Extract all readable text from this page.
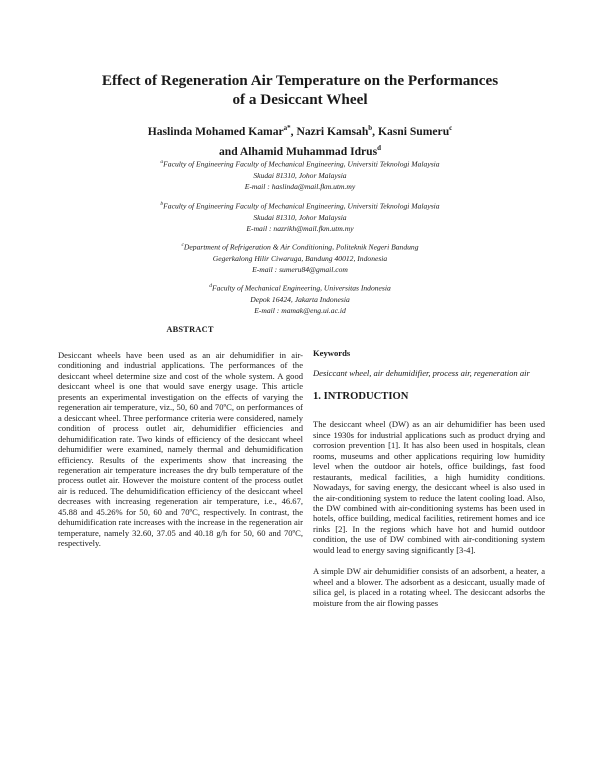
Effect of Regeneration Air Temperature on the Performances
of a Desiccant Wheel
Haslinda Mohamed Kamar$^{a*}$, Nazri Kamsah$^b$, Kasni Sumeru$^c$
and Alhamid Muhammad Idrus$^d$
$^a$Faculty of Engineering Faculty of Mechanical Engineering, Universiti Teknologi Malaysia
Skudai 81310, Johor Malaysia
E-mail : haslinda@mail.fkm.utm.my
$^b$Faculty of Engineering Faculty of Mechanical Engineering, Universiti Teknologi Malaysia
Skudai 81310, Johor Malaysia
E-mail : nazrikh@mail.fkm.utm.my
$^c$Department of Refrigeration & Air Conditioning, Politeknik Negeri Bandung
Gegerkalong Hilir Ciwaruga, Bandung 40012, Indonesia
E-mail : sumeru84@gmail.com
$^d$Faculty of Mechanical Engineering, Universitas Indonesia
Depok 16424, Jakarta Indonesia
E-mail : mamak@eng.ui.ac.id
ABSTRACT

Desiccant wheels have been used as an air dehumidifier in air-conditioning and industrial applications. The performances of the desiccant wheel determine size and cost of the whole system. A good desiccant wheel is one that would save energy usage. This article presents an experimental investigation on the effects of varying the regeneration air temperature, viz., 50, 60 and 70ºC, on performances of a desiccant wheel. Three performance criteria were considered, namely condition of process outlet air, dehumidifier efficiencies and dehumidification rate. Two kinds of efficiency of the desiccant wheel dehumidifier were examined, namely thermal and dehumidification efficiency. Results of the experiments show that increasing the regeneration air temperature increases the dry bulb temperature of the process outlet air. However the moisture content of the process outlet air is reduced. The dehumidification efficiency of the desiccant wheel decreases with increasing regeneration air temperature, i.e., 46.67, 45.88 and 45.26% for 50, 60 and 70ºC, respectively. In contrast, the dehumidification rate increases with the increase in the regeneration air temperature, namely 32.60, 37.05 and 40.18 g/h for 50, 60 and 70ºC, respectively.

Keywords

Desiccant wheel, air dehumidifier, process air, regeneration air

1. INTRODUCTION

The desiccant wheel (DW) as an air dehumidifier has been used since 1930s for industrial applications such as product drying and corrosion prevention [1]. It has also been used in hospitals, clean rooms, museums and other applications requiring low humidity level when the outdoor air hotels, office buildings, fast food restaurants, medical facilities, a high humidity conditions. Nowadays, for saving energy, the desiccant wheel is also used in the air-conditioning system to reduce the latent cooling load. Also, the DW combined with air-conditioning systems has been used in hotels, office building, medical facilities, retirement homes and ice rinks [2]. In the regions which have hot and humid outdoor condition, the use of DW combined with air-conditioning system would lead to energy saving significantly [3-4].

A simple DW air dehumidifier consists of an adsorbent, a heater, a wheel and a blower. The adsorbent as a desiccant, usually made of silica gel, is placed in a rotating wheel. The desiccant adsorbs the moisture from the air flowing passes
